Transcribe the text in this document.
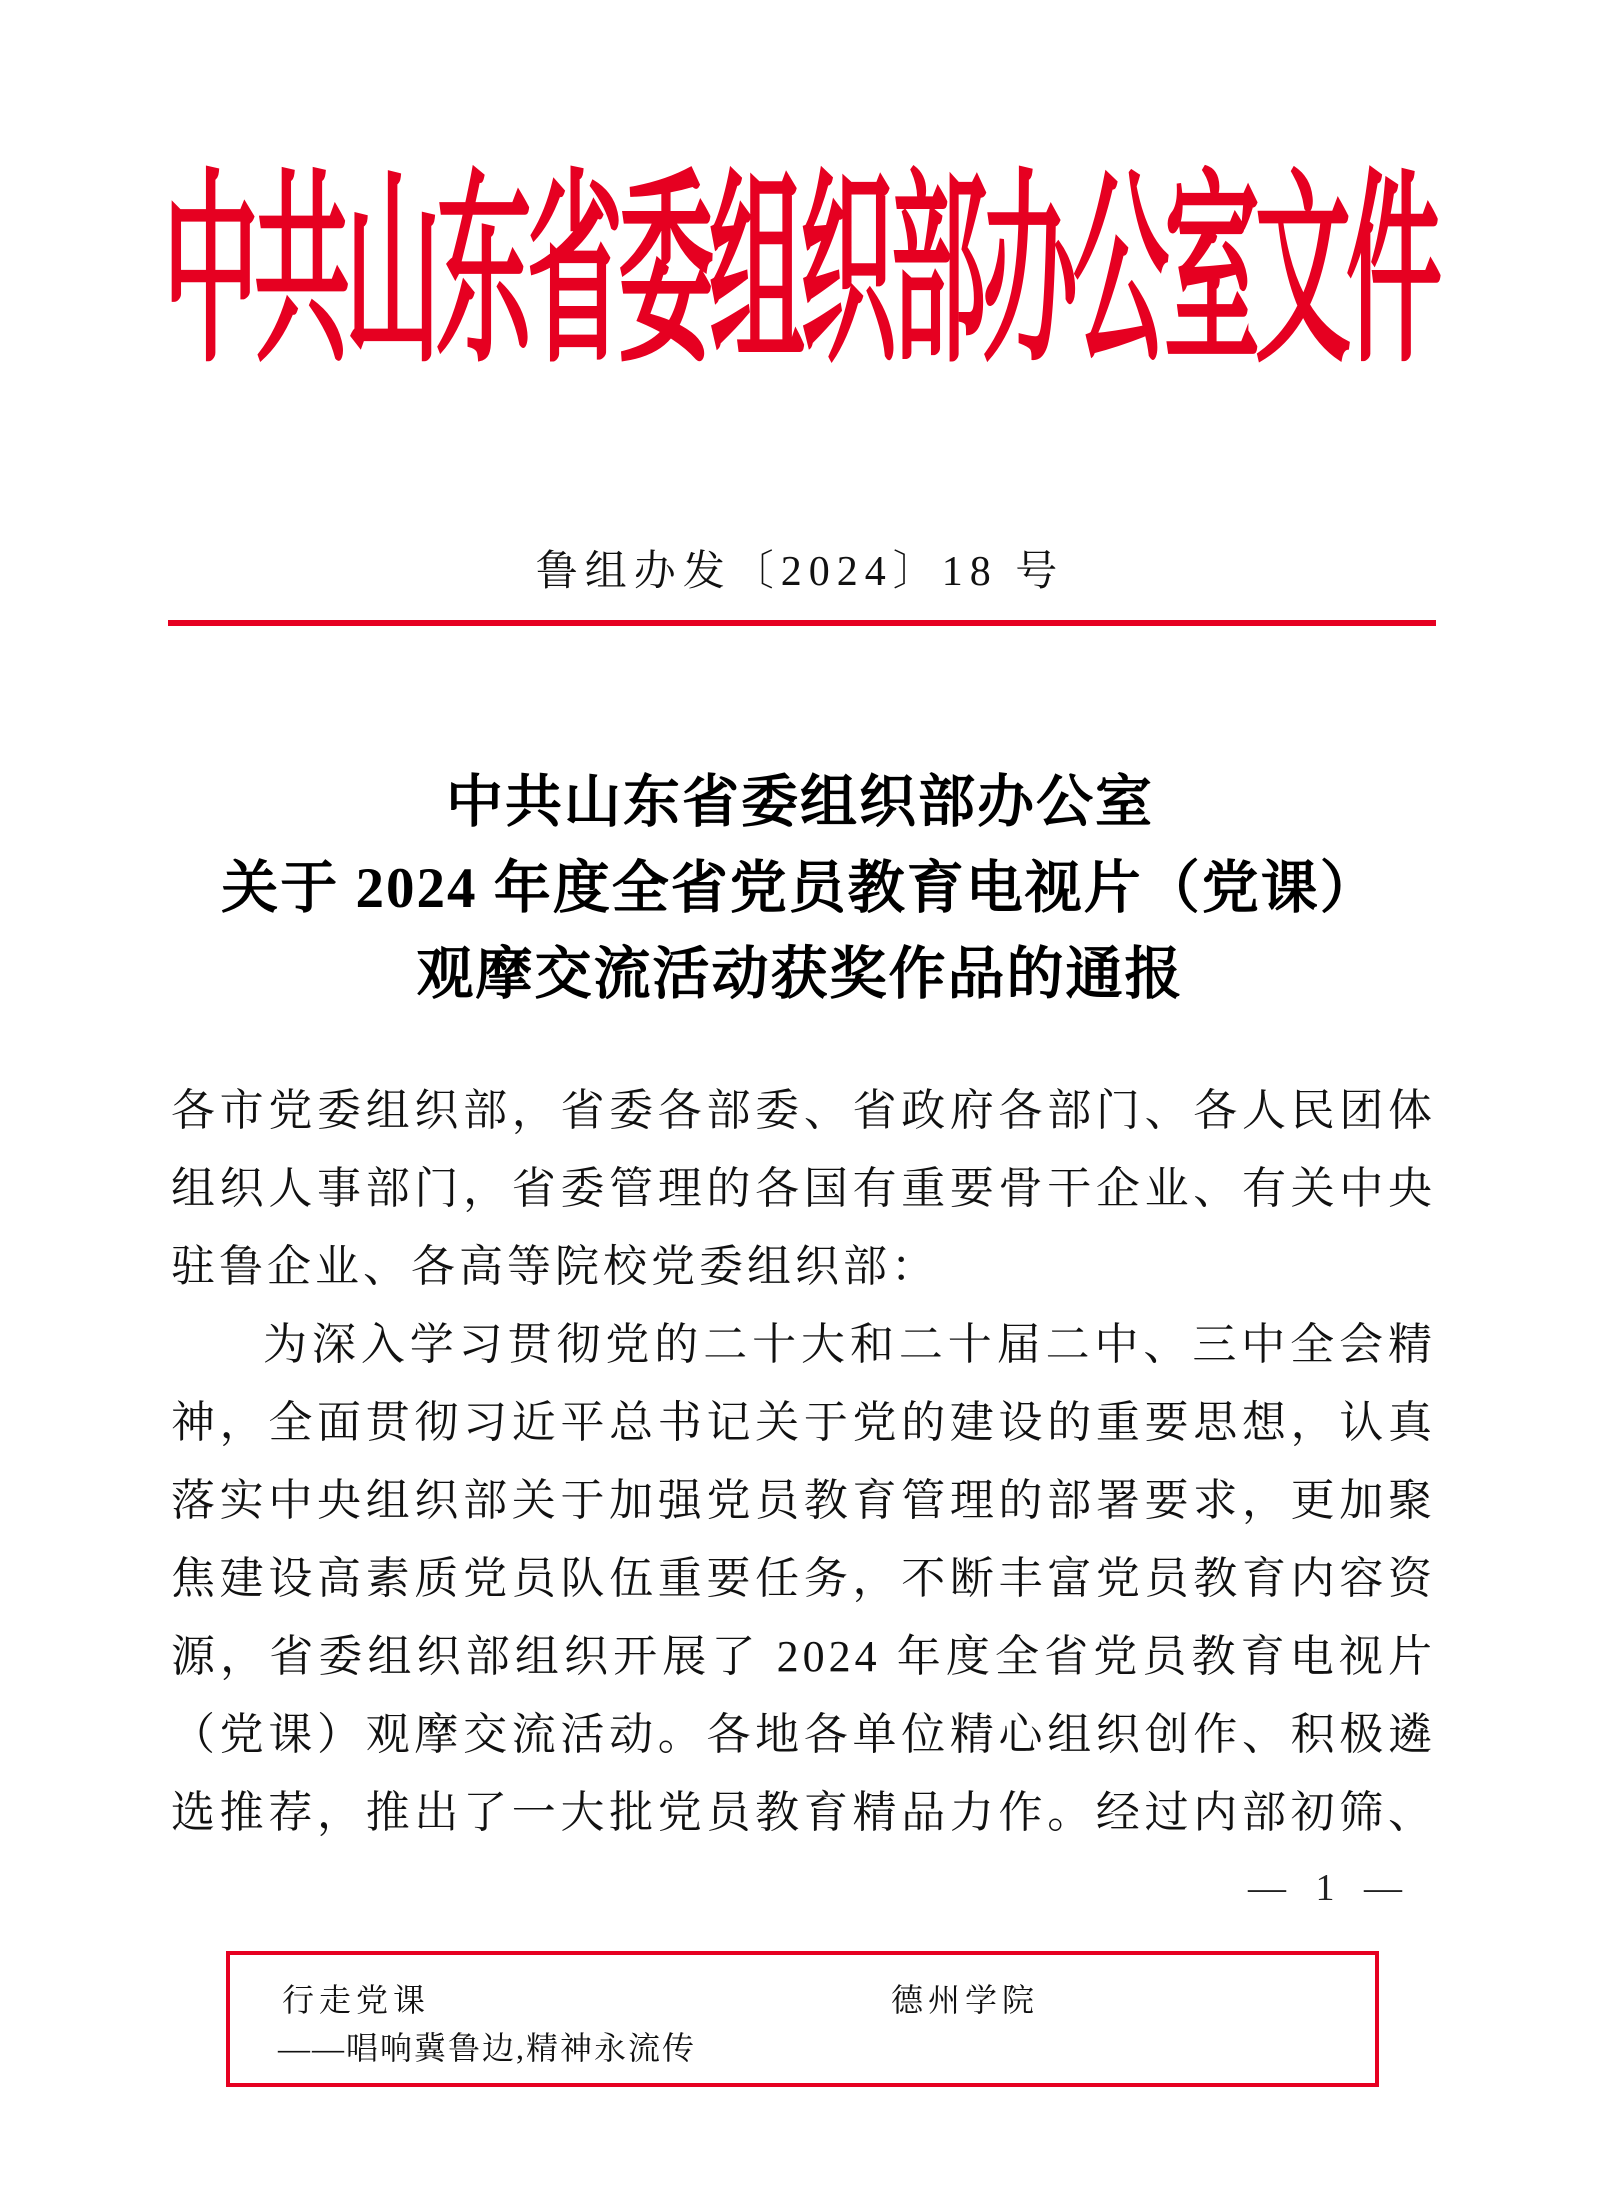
中共山东省委组织部办公室文件
鲁组办发〔2024〕18 号
中共山东省委组织部办公室
关于 2024 年度全省党员教育电视片（党课）
观摩交流活动获奖作品的通报
各市党委组织部，省委各部委、省政府各部门、各人民团体
组织人事部门，省委管理的各国有重要骨干企业、有关中央
驻鲁企业、各高等院校党委组织部：
为深入学习贯彻党的二十大和二十届二中、三中全会精
神，全面贯彻习近平总书记关于党的建设的重要思想，认真
落实中央组织部关于加强党员教育管理的部署要求，更加聚
焦建设高素质党员队伍重要任务，不断丰富党员教育内容资
源，省委组织部组织开展了 2024 年度全省党员教育电视片
（党课）观摩交流活动。各地各单位精心组织创作、积极遴
选推荐，推出了一大批党员教育精品力作。经过内部初筛、
— 1 —
行走党课	德州学院
——唱响冀鲁边,精神永流传
